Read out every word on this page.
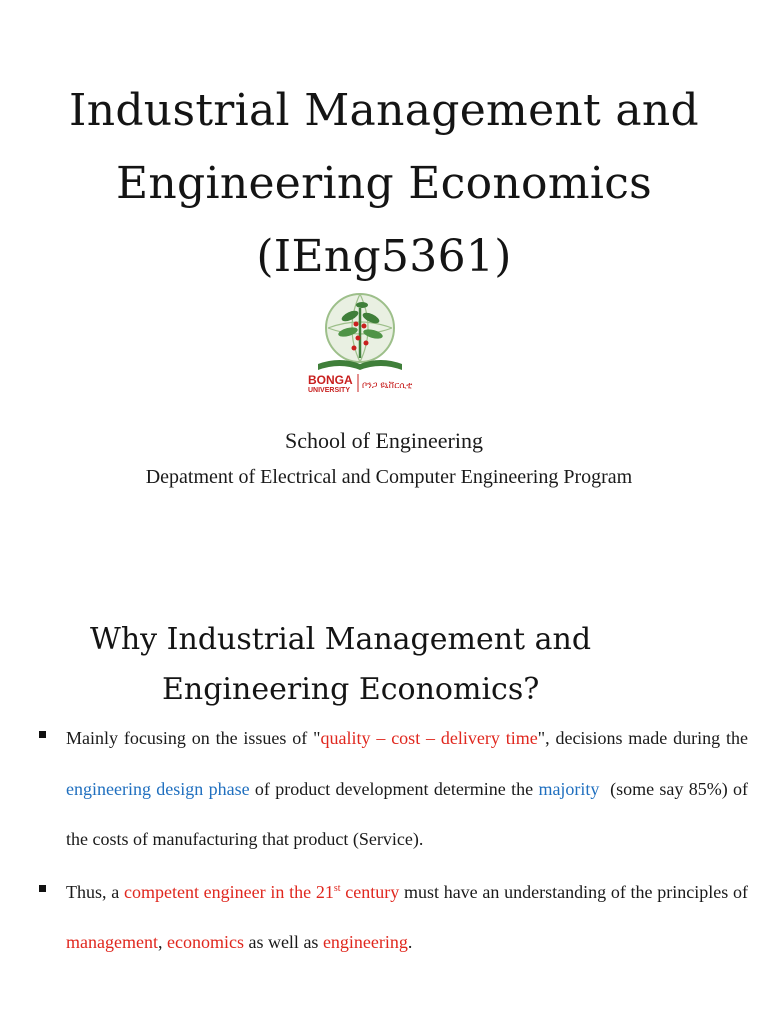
Industrial Management and
Engineering Economics
(IEng5361)
BONGA
UNIVERSITY ቦንጋ ዩኒቨርሲቲ
School of Engineering
Depatment of Electrical and Computer Engineering Program
Why Industrial Management and
Engineering Economics?
Mainly focusing on the issues of "quality – cost – delivery time", decisions made during the engineering design phase of product development determine the majority  (some say 85%) of the costs of manufacturing that product (Service).
Thus, a competent engineer in the 21st century must have an understanding of the principles of management, economics as well as engineering.
